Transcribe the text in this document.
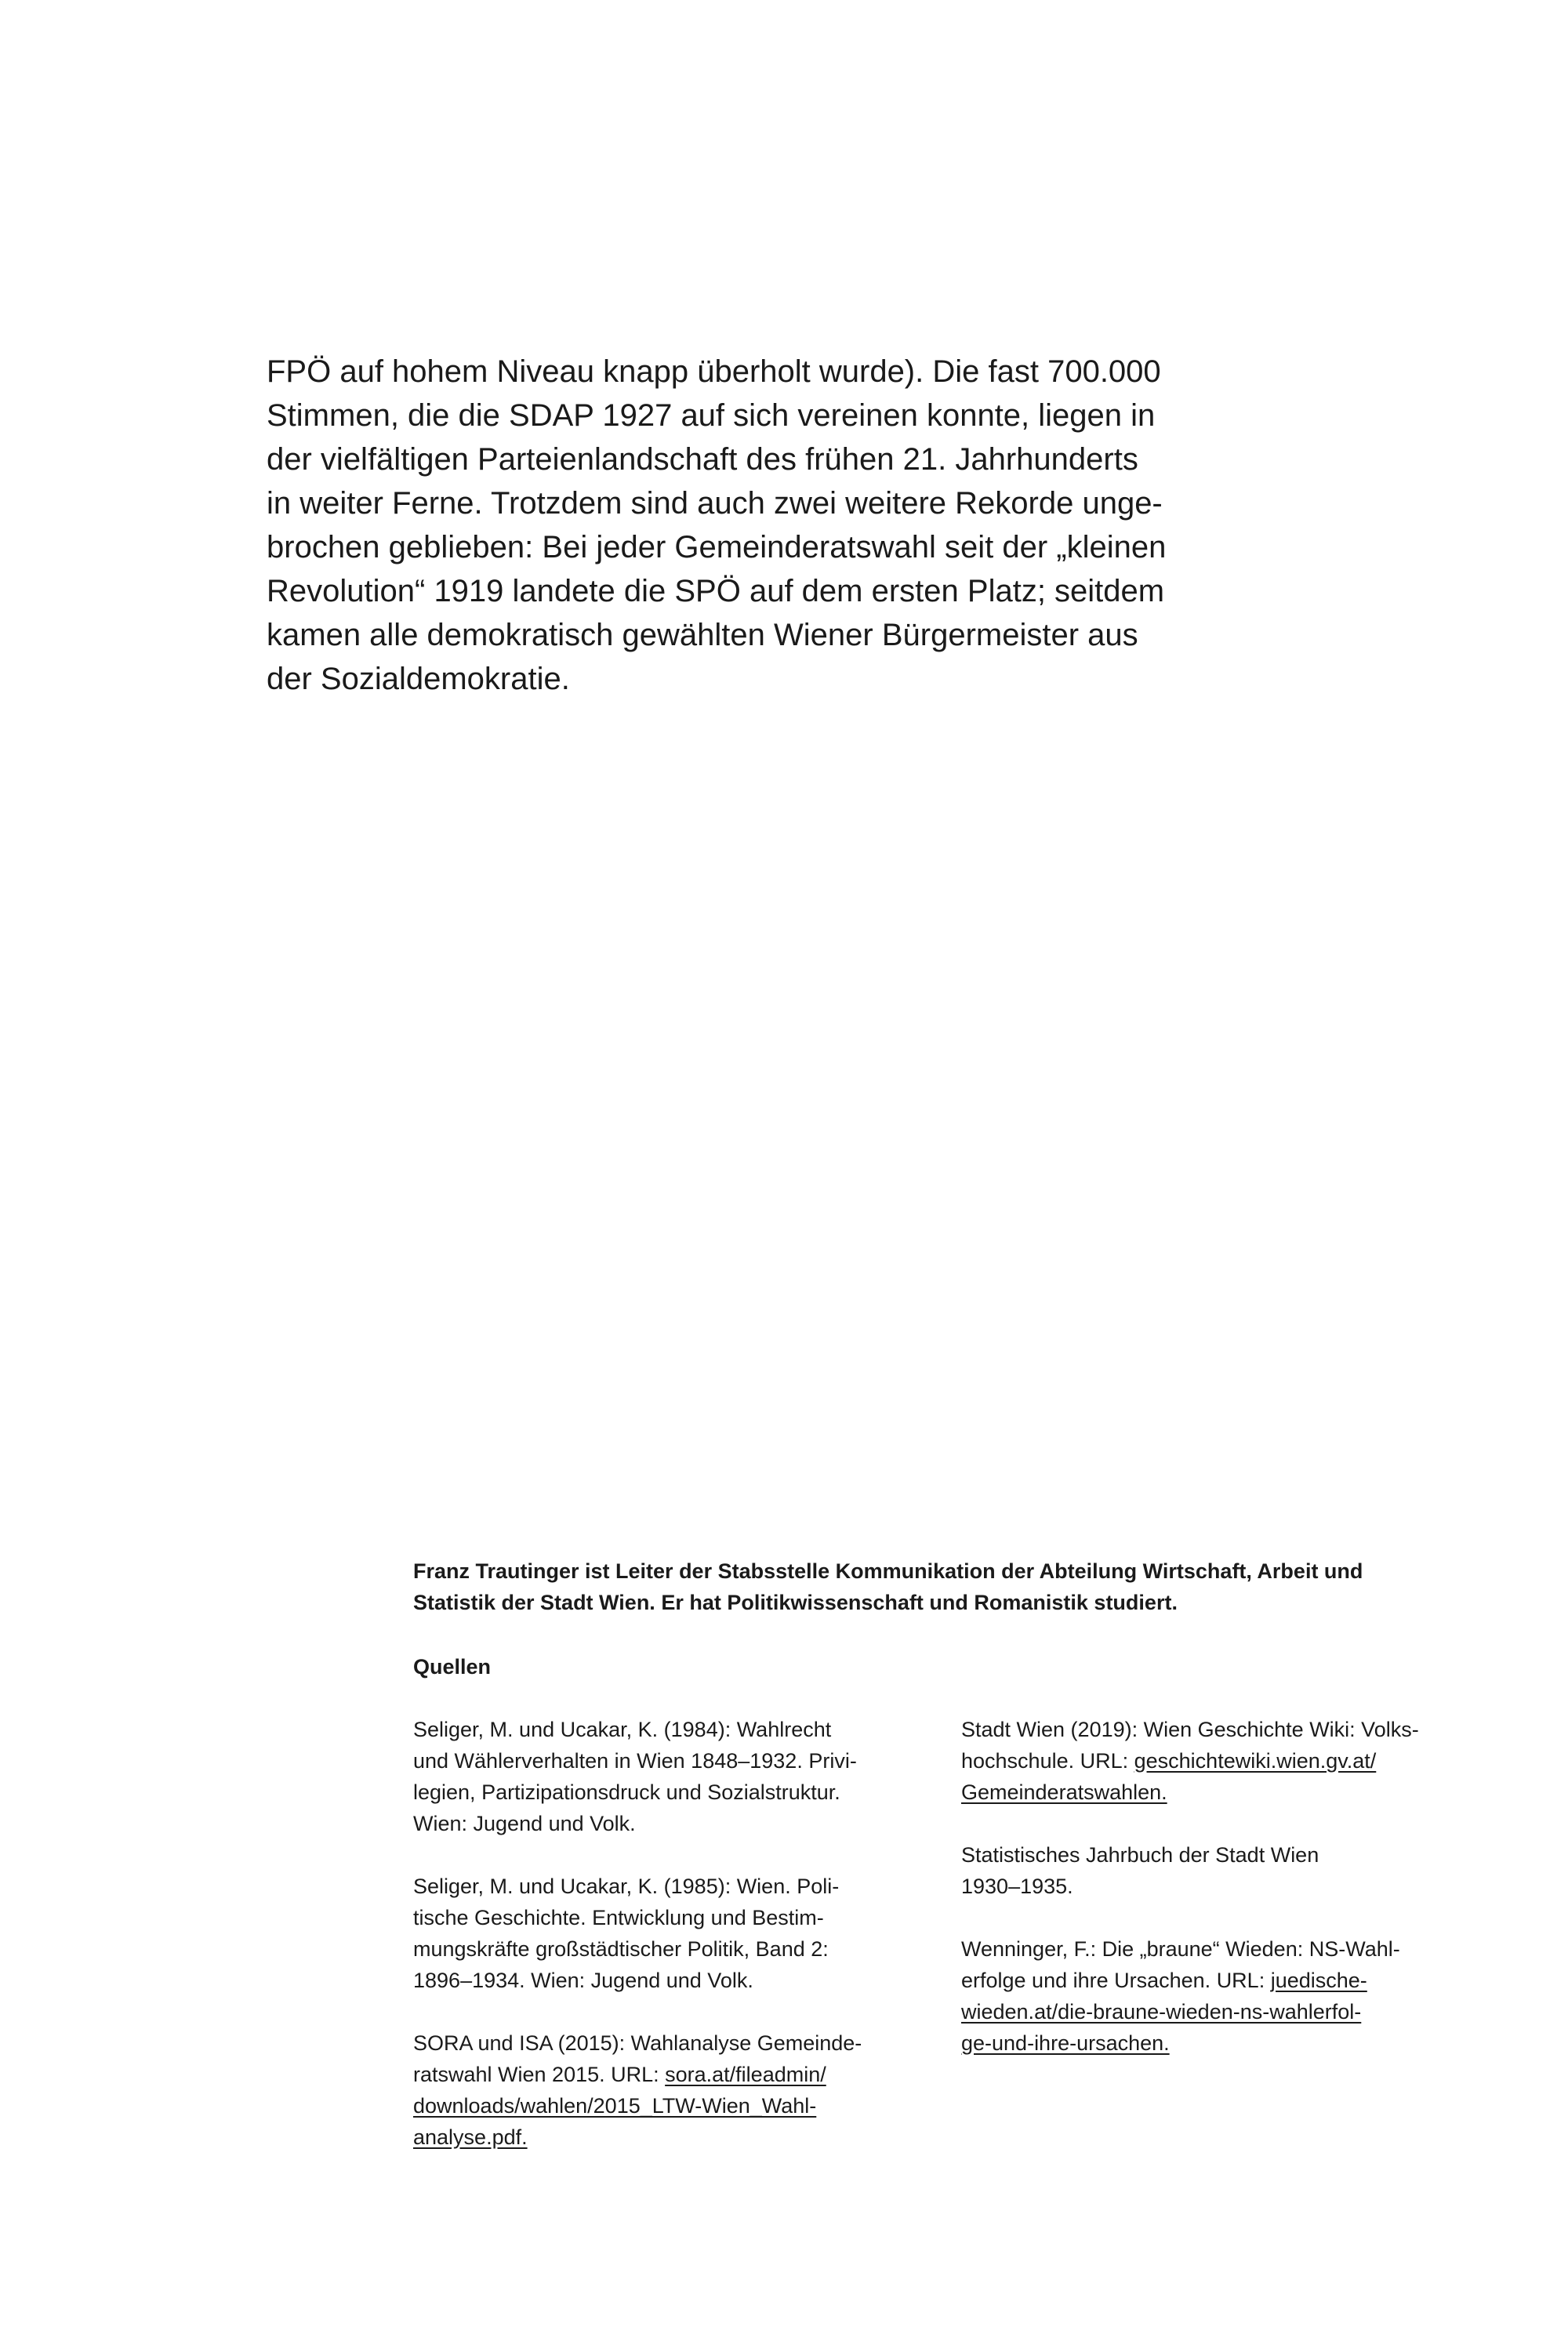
FPÖ auf hohem Niveau knapp überholt wurde). Die fast 700.000
Stimmen, die die SDAP 1927 auf sich vereinen konnte, liegen in
der vielfältigen Parteienlandschaft des frühen 21. Jahrhunderts
in weiter Ferne. Trotzdem sind auch zwei weitere Rekorde unge-
brochen geblieben: Bei jeder Gemeinderatswahl seit der „kleinen
Revolution“ 1919 landete die SPÖ auf dem ersten Platz; seitdem
kamen alle demokratisch gewählten Wiener Bürgermeister aus
der Sozialdemokratie.
Franz Trautinger ist Leiter der Stabsstelle Kommunikation der Abteilung Wirtschaft, Arbeit und
Statistik der Stadt Wien. Er hat Politikwissenschaft und Romanistik studiert.
Quellen
Seliger, M. und Ucakar, K. (1984): Wahlrecht
und Wählerverhalten in Wien 1848–1932. Privi-
legien, Partizipationsdruck und Sozialstruktur.
Wien: Jugend und Volk.
Seliger, M. und Ucakar, K. (1985): Wien. Poli-
tische Geschichte. Entwicklung und Bestim-
mungskräfte großstädtischer Politik, Band 2:
1896–1934. Wien: Jugend und Volk.
SORA und ISA (2015): Wahlanalyse Gemeinde-
ratswahl Wien 2015. URL: sora.at/fileadmin/
downloads/wahlen/2015_LTW-Wien_Wahl-
analyse.pdf.
Stadt Wien (2019): Wien Geschichte Wiki: Volks-
hochschule. URL: geschichtewiki.wien.gv.at/
Gemeinderatswahlen.
Statistisches Jahrbuch der Stadt Wien
1930–1935.
Wenninger, F.: Die „braune“ Wieden: NS-Wahl-
erfolge und ihre Ursachen. URL: juedische-
wieden.at/die-braune-wieden-ns-wahlerfol-
ge-und-ihre-ursachen.
